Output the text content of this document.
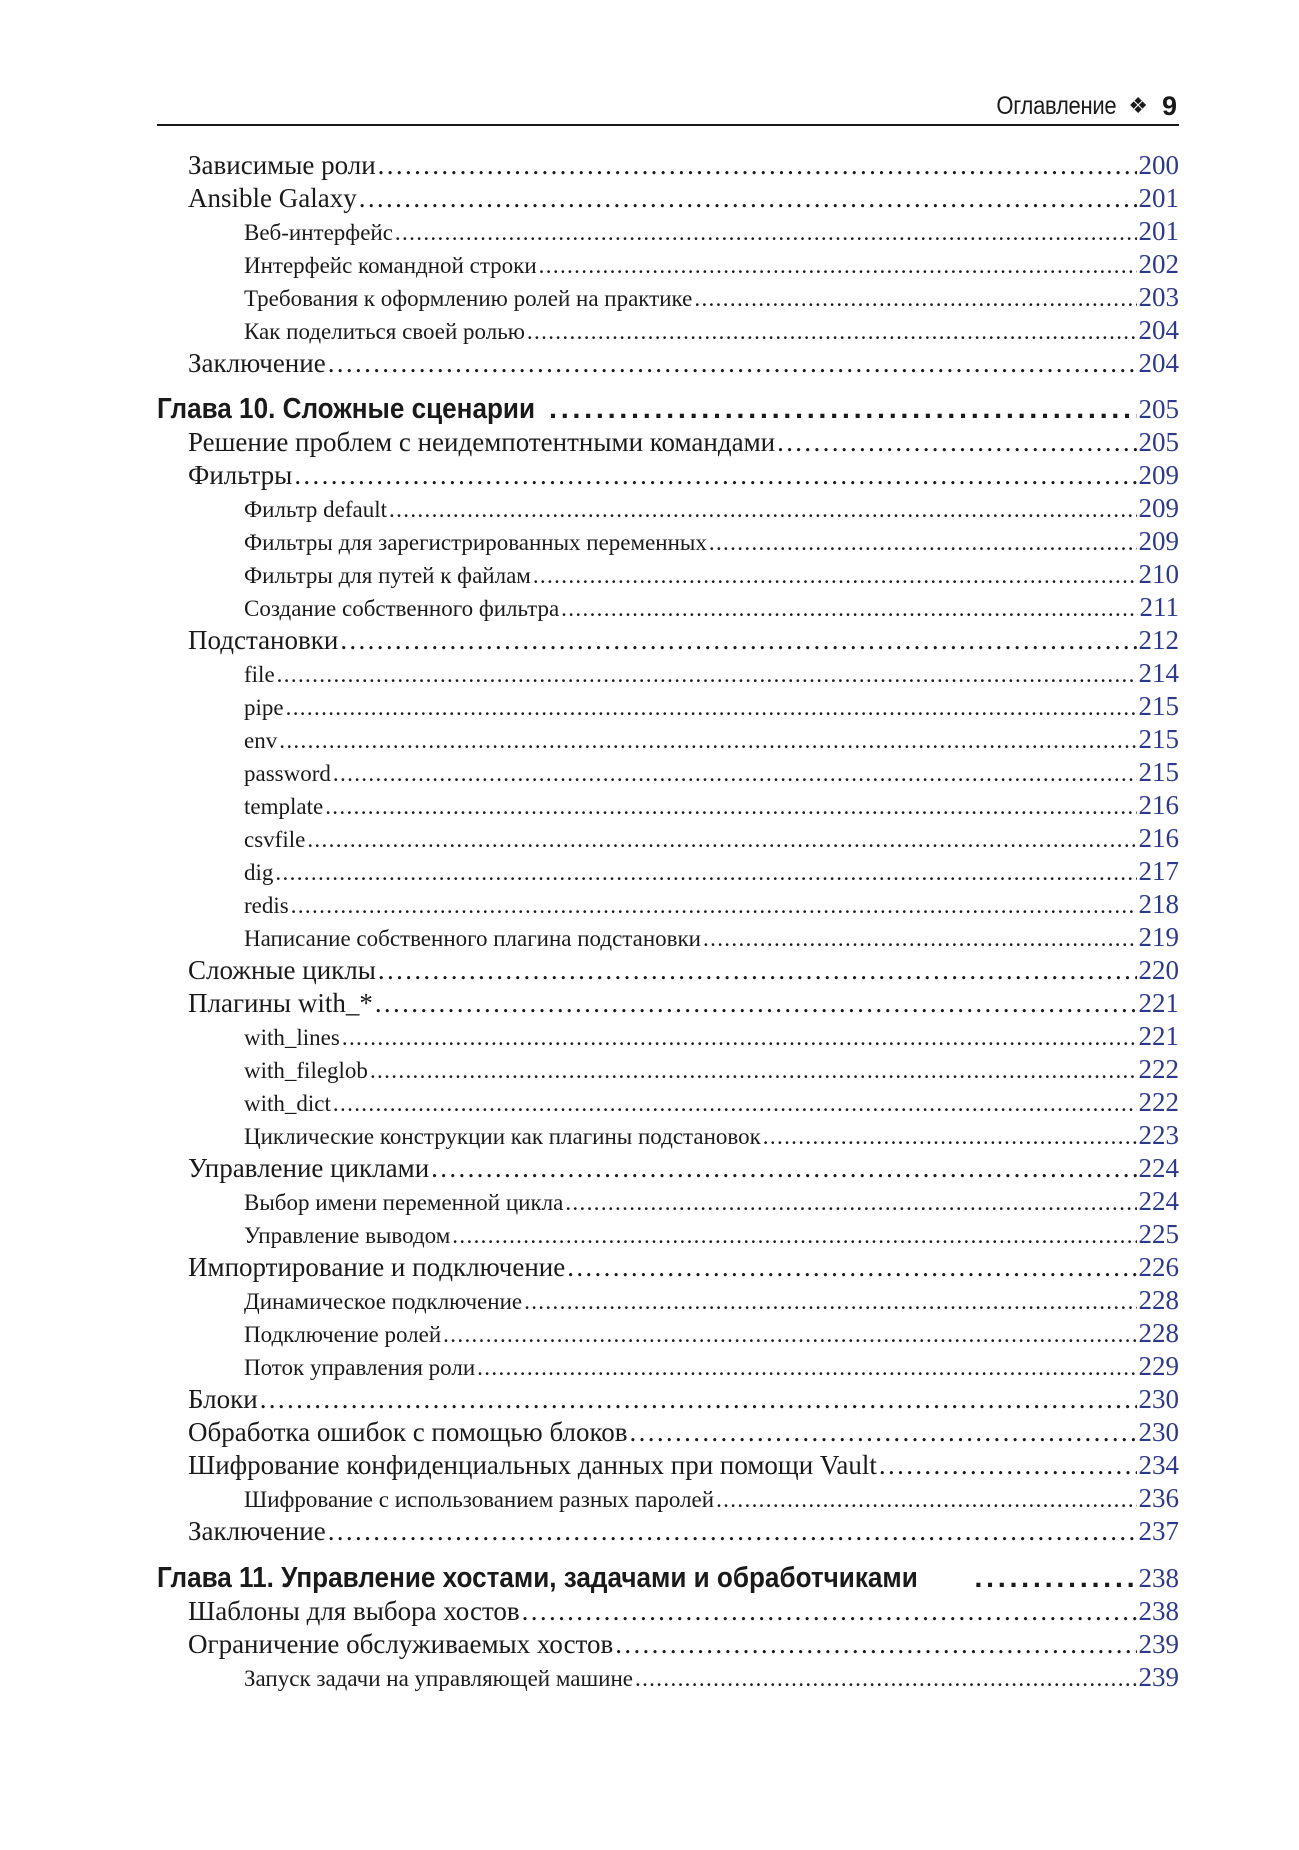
Оглавление ❖ 9
Зависимые роли . . .	200
Ansible Galaxy . . .	201
Веб-интерфейс . . .	201
Интерфейс командной строки . . .	202
Требования к оформлению ролей на практике . . .	203
Как поделиться своей ролью . . .	204
Заключение . . .	204
Глава 10. Сложные сценарии . . .	205
Решение проблем с неидемпотентными командами . . .	205
Фильтры . . .	209
Фильтр default . . .	209
Фильтры для зарегистрированных переменных . . .	209
Фильтры для путей к файлам . . .	210
Создание собственного фильтра . . .	211
Подстановки . . .	212
file . . .	214
pipe . . .	215
env . . .	215
password . . .	215
template . . .	216
csvfile . . .	216
dig . . .	217
redis . . .	218
Написание собственного плагина подстановки . . .	219
Сложные циклы . . .	220
Плагины with_* . . .	221
with_lines . . .	221
with_fileglob . . .	222
with_dict . . .	222
Циклические конструкции как плагины подстановок . . .	223
Управление циклами . . .	224
Выбор имени переменной цикла . . .	224
Управление выводом . . .	225
Импортирование и подключение . . .	226
Динамическое подключение . . .	228
Подключение ролей . . .	228
Поток управления роли . . .	229
Блоки . . .	230
Обработка ошибок с помощью блоков . . .	230
Шифрование конфиденциальных данных при помощи Vault . . .	234
Шифрование с использованием разных паролей . . .	236
Заключение . . .	237
Глава 11. Управление хостами, задачами и обработчиками . . .	238
Шаблоны для выбора хостов . . .	238
Ограничение обслуживаемых хостов . . .	239
Запуск задачи на управляющей машине . . .	239
